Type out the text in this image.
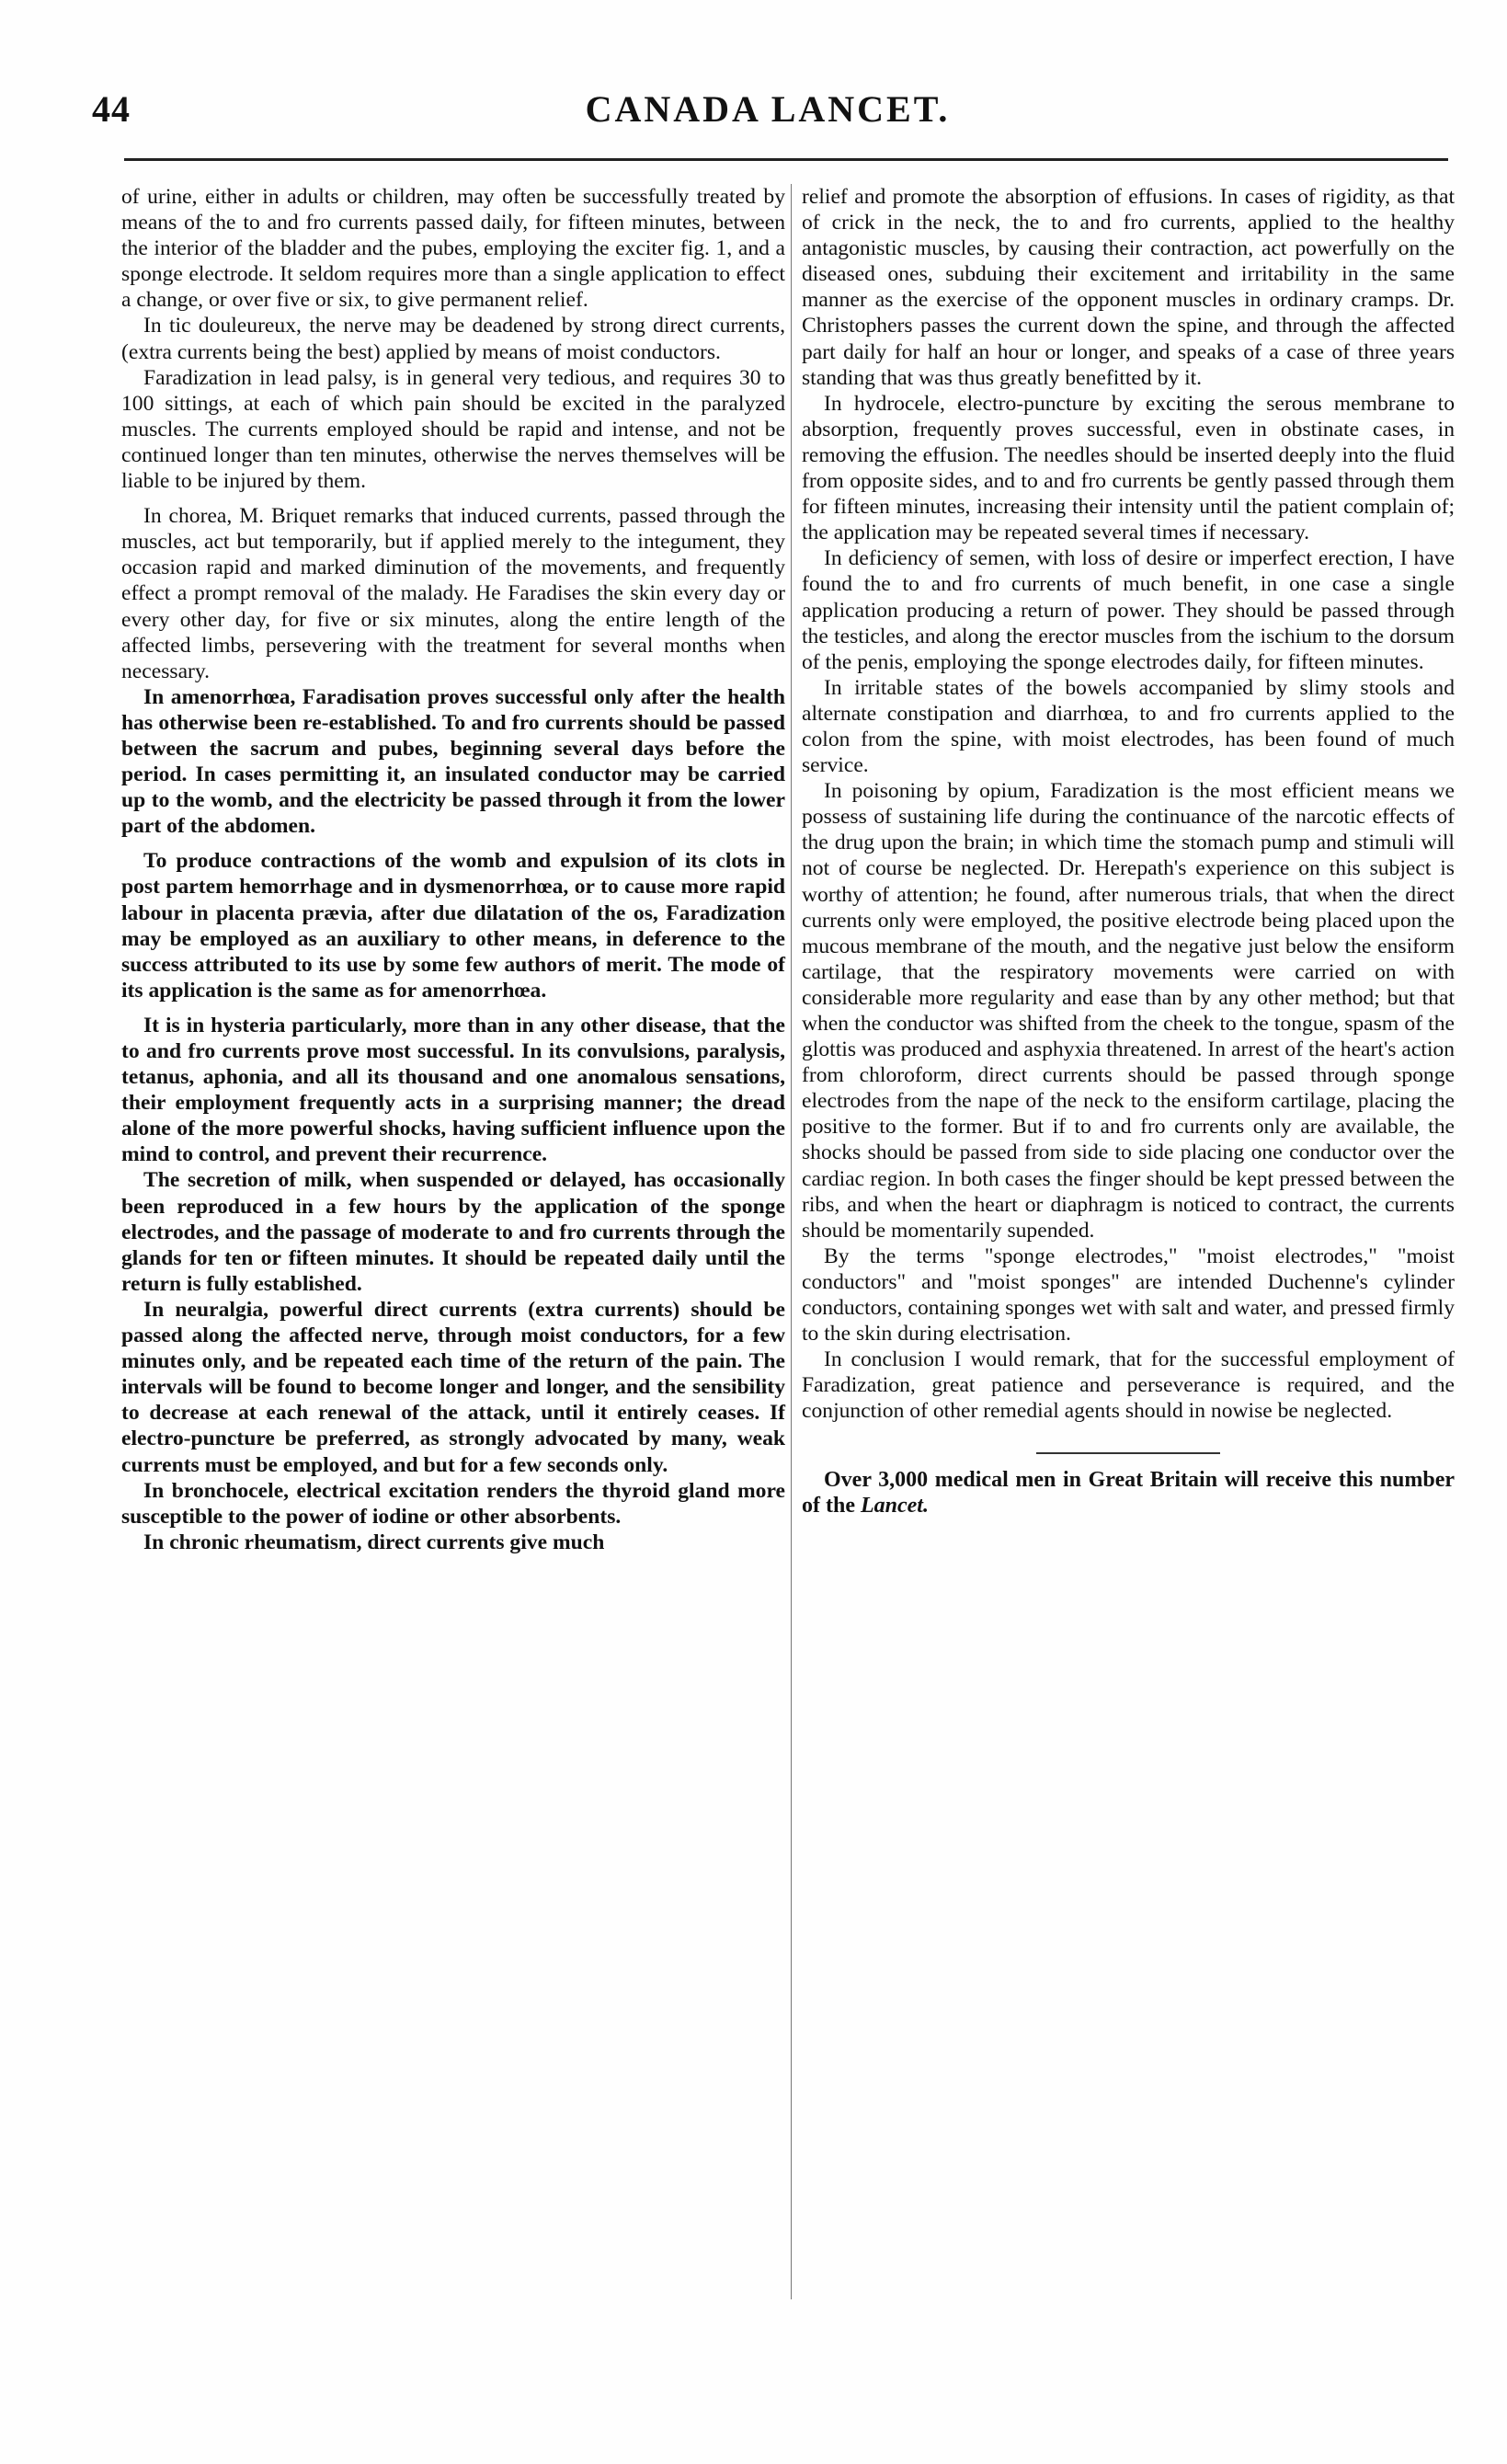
44	CANADA LANCET.

of urine, either in adults or children, may often be successfully treated by means of the to and fro currents passed daily, for fifteen minutes, between the interior of the bladder and the pubes, employing the exciter fig. 1, and a sponge electrode. It seldom requires more than a single application to effect a change, or over five or six, to give permanent relief.

In tic douleureux, the nerve may be deadened by strong direct currents, (extra currents being the best) applied by means of moist conductors.

Faradization in lead palsy, is in general very tedious, and requires 30 to 100 sittings, at each of which pain should be excited in the paralyzed muscles. The currents employed should be rapid and intense, and not be continued longer than ten minutes, otherwise the nerves themselves will be liable to be injured by them.

In chorea, M. Briquet remarks that induced currents, passed through the muscles, act but temporarily, but if applied merely to the integument, they occasion rapid and marked diminution of the movements, and frequently effect a prompt removal of the malady. He Faradises the skin every day or every other day, for five or six minutes, along the entire length of the affected limbs, persevering with the treatment for several months when necessary.

In amenorrhœa, Faradisation proves successful only after the health has otherwise been re-established. To and fro currents should be passed between the sacrum and pubes, beginning several days before the period. In cases permitting it, an insulated conductor may be carried up to the womb, and the electricity be passed through it from the lower part of the abdomen.

To produce contractions of the womb and expulsion of its clots in post partem hemorrhage and in dysmenorrhœa, or to cause more rapid labour in placenta prævia, after due dilatation of the os, Faradization may be employed as an auxiliary to other means, in deference to the success attributed to its use by some few authors of merit. The mode of its application is the same as for amenorrhœa.

It is in hysteria particularly, more than in any other disease, that the to and fro currents prove most successful. In its convulsions, paralysis, tetanus, aphonia, and all its thousand and one anomalous sensations, their employment frequently acts in a surprising manner; the dread alone of the more powerful shocks, having sufficient influence upon the mind to control, and prevent their recurrence.

The secretion of milk, when suspended or delayed, has occasionally been reproduced in a few hours by the application of the sponge electrodes, and the passage of moderate to and fro currents through the glands for ten or fifteen minutes. It should be repeated daily until the return is fully established.

In neuralgia, powerful direct currents (extra currents) should be passed along the affected nerve, through moist conductors, for a few minutes only, and be repeated each time of the return of the pain. The intervals will be found to become longer and longer, and the sensibility to decrease at each renewal of the attack, until it entirely ceases. If electro-puncture be preferred, as strongly advocated by many, weak currents must be employed, and but for a few seconds only.

In bronchocele, electrical excitation renders the thyroid gland more susceptible to the power of iodine or other absorbents.

In chronic rheumatism, direct currents give much

relief and promote the absorption of effusions. In cases of rigidity, as that of crick in the neck, the to and fro currents, applied to the healthy antagonistic muscles, by causing their contraction, act powerfully on the diseased ones, subduing their excitement and irritability in the same manner as the exercise of the opponent muscles in ordinary cramps. Dr. Christophers passes the current down the spine, and through the affected part daily for half an hour or longer, and speaks of a case of three years standing that was thus greatly benefitted by it.

In hydrocele, electro-puncture by exciting the serous membrane to absorption, frequently proves successful, even in obstinate cases, in removing the effusion. The needles should be inserted deeply into the fluid from opposite sides, and to and fro currents be gently passed through them for fifteen minutes, increasing their intensity until the patient complain of; the application may be repeated several times if necessary.

In deficiency of semen, with loss of desire or imperfect erection, I have found the to and fro currents of much benefit, in one case a single application producing a return of power. They should be passed through the testicles, and along the erector muscles from the ischium to the dorsum of the penis, employing the sponge electrodes daily, for fifteen minutes.

In irritable states of the bowels accompanied by slimy stools and alternate constipation and diarrhœa, to and fro currents applied to the colon from the spine, with moist electrodes, has been found of much service.

In poisoning by opium, Faradization is the most efficient means we possess of sustaining life during the continuance of the narcotic effects of the drug upon the brain; in which time the stomach pump and stimuli will not of course be neglected. Dr. Herepath's experience on this subject is worthy of attention; he found, after numerous trials, that when the direct currents only were employed, the positive electrode being placed upon the mucous membrane of the mouth, and the negative just below the ensiform cartilage, that the respiratory movements were carried on with considerable more regularity and ease than by any other method; but that when the conductor was shifted from the cheek to the tongue, spasm of the glottis was produced and asphyxia threatened. In arrest of the heart's action from chloroform, direct currents should be passed through sponge electrodes from the nape of the neck to the ensiform cartilage, placing the positive to the former. But if to and fro currents only are available, the shocks should be passed from side to side placing one conductor over the cardiac region. In both cases the finger should be kept pressed between the ribs, and when the heart or diaphragm is noticed to contract, the currents should be momentarily supended.

By the terms "sponge electrodes," "moist electrodes," "moist conductors" and "moist sponges" are intended Duchenne's cylinder conductors, containing sponges wet with salt and water, and pressed firmly to the skin during electrisation.

In conclusion I would remark, that for the successful employment of Faradization, great patience and perseverance is required, and the conjunction of other remedial agents should in nowise be neglected.

Over 3,000 medical men in Great Britain will receive this number of the Lancet.
